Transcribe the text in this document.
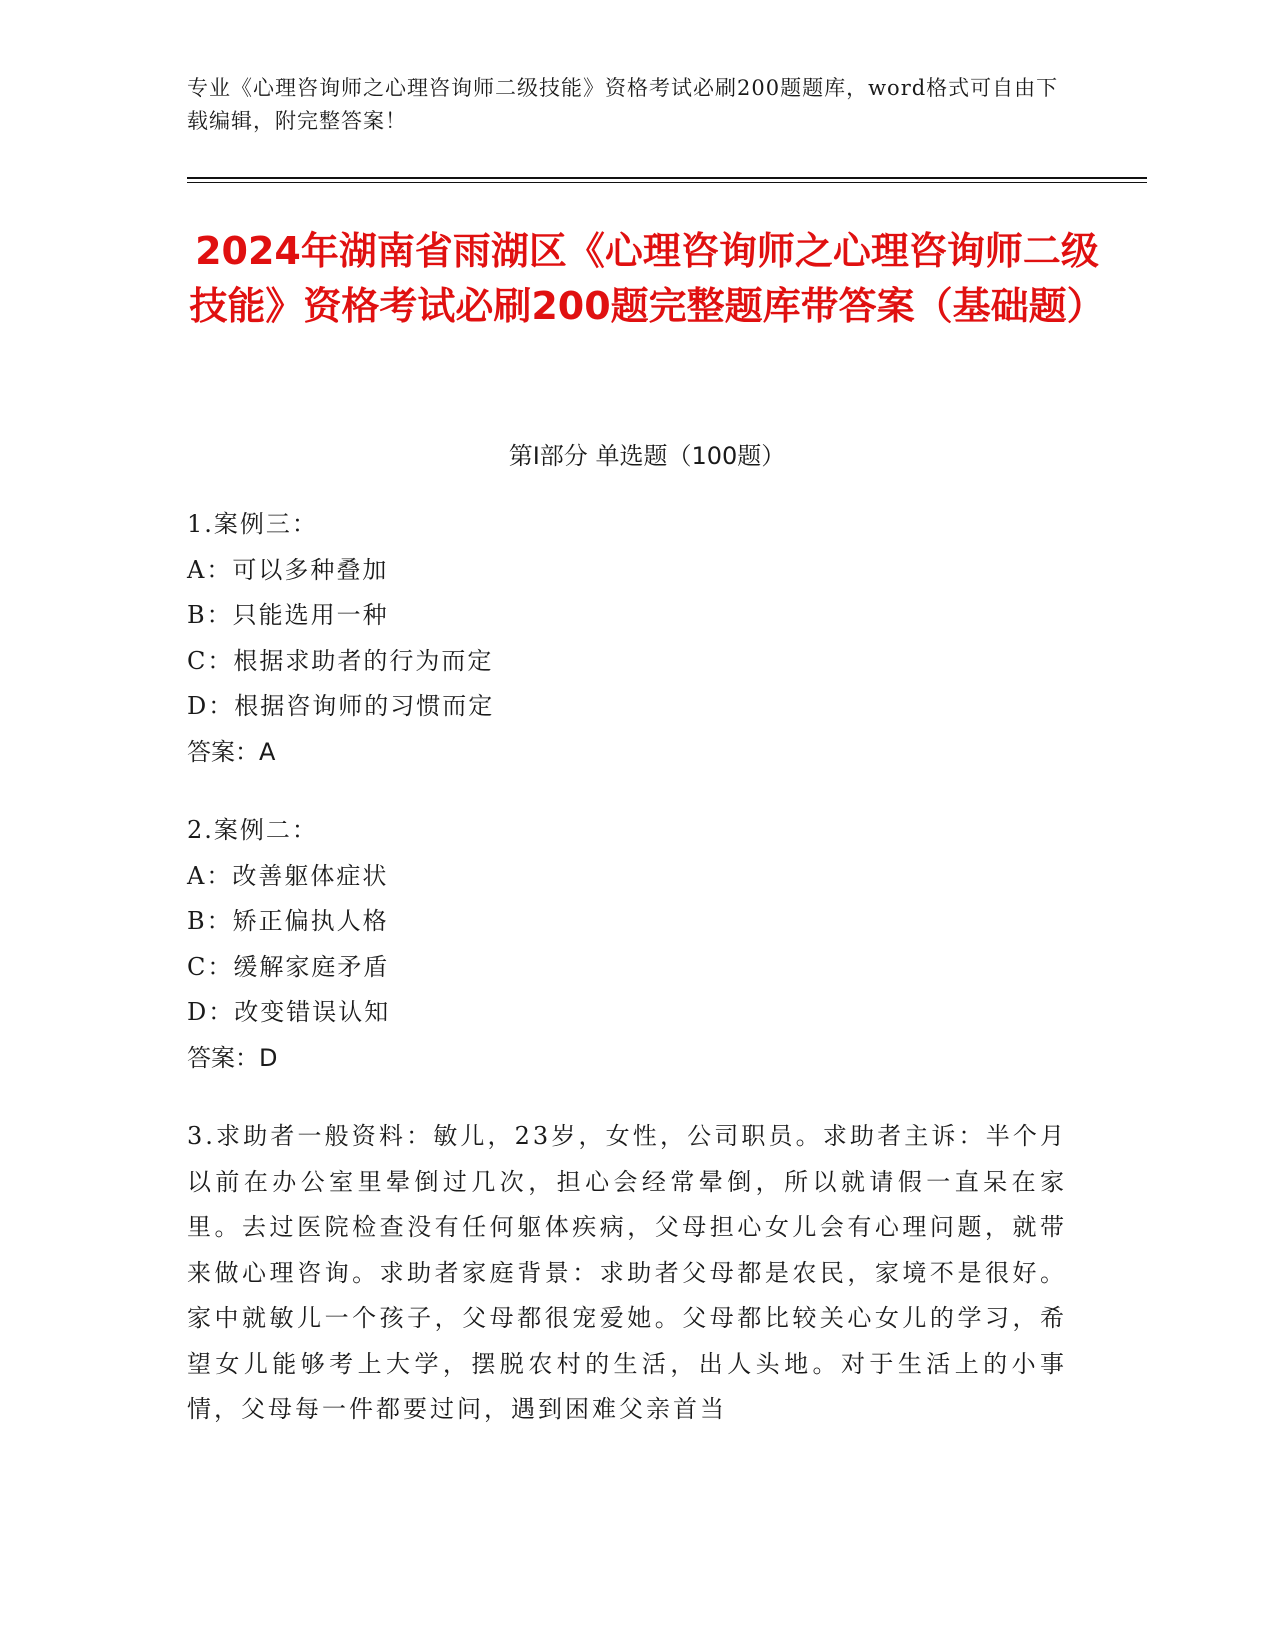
专业《心理咨询师之心理咨询师二级技能》资格考试必刷200题题库，word格式可自由下载编辑，附完整答案！
2024年湖南省雨湖区《心理咨询师之心理咨询师二级技能》资格考试必刷200题完整题库带答案（基础题）
第Ⅰ部分 单选题（100题）

1.案例三：

A：可以多种叠加

B：只能选用一种

C：根据求助者的行为而定

D：根据咨询师的习惯而定

答案：A

2.案例二：

A：改善躯体症状

B：矫正偏执人格

C：缓解家庭矛盾

D：改变错误认知

答案：D

3.求助者一般资料：敏儿，23岁，女性，公司职员。求助者主诉：半个月以前在办公室里晕倒过几次，担心会经常晕倒，所以就请假一直呆在家里。去过医院检查没有任何躯体疾病，父母担心女儿会有心理问题，就带来做心理咨询。求助者家庭背景：求助者父母都是农民，家境不是很好。家中就敏儿一个孩子，父母都很宠爱她。父母都比较关心女儿的学习，希望女儿能够考上大学，摆脱农村的生活，出人头地。对于生活上的小事情，父母每一件都要过问，遇到困难父亲首当
